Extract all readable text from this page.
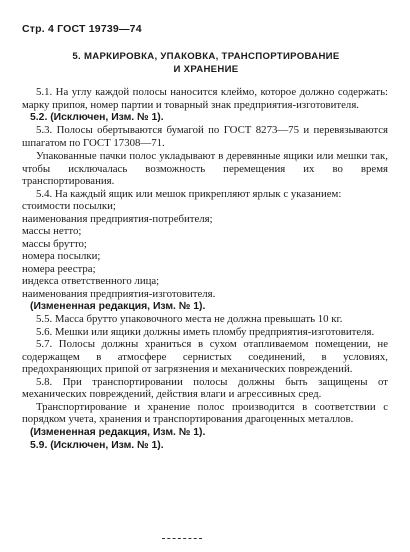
Стр. 4 ГОСТ 19739—74
5. МАРКИРОВКА, УПАКОВКА, ТРАНСПОРТИРОВАНИЕ
И ХРАНЕНИЕ

5.1. На углу каждой полосы наносится клеймо, которое должно содержать: марку припоя, номер партии и товарный знак предприятия-изготовителя.

5.2. (Исключен, Изм. № 1).

5.3. Полосы обертываются бумагой по ГОСТ 8273—75 и перевязываются шпагатом по ГОСТ 17308—71.

Упакованные пачки полос укладывают в деревянные ящики или мешки так, чтобы исключалась возможность перемещения их во время транспортирования.

5.4. На каждый ящик или мешок прикрепляют ярлык с указанием:

стоимости посылки;
наименования предприятия-потребителя;
массы нетто;
массы брутто;
номера посылки;
номера реестра;
индекса ответственного лица;
наименования предприятия-изготовителя.

(Измененная редакция, Изм. № 1).

5.5. Масса брутто упаковочного места не должна превышать 10 кг.

5.6. Мешки или ящики должны иметь пломбу предприятия-изготовителя.

5.7. Полосы должны храниться в сухом отапливаемом помещении, не содержащем в атмосфере сернистых соединений, в условиях, предохраняющих припой от загрязнения и механических повреждений.

5.8. При транспортировании полосы должны быть защищены от механических повреждений, действия влаги и агрессивных сред.

Транспортирование и хранение полос производится в соответствии с порядком учета, хранения и транспортирования драгоценных металлов.

(Измененная редакция, Изм. № 1).

5.9. (Исключен, Изм. № 1).
